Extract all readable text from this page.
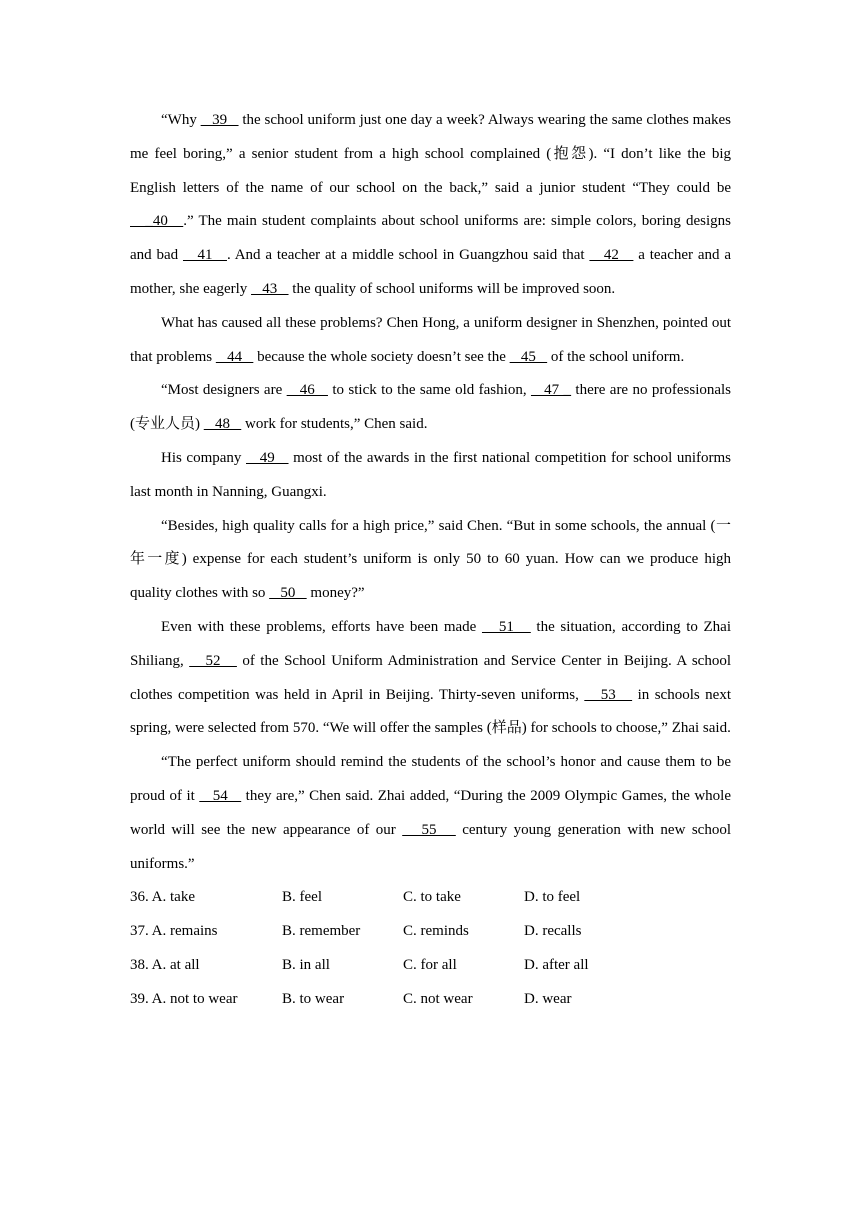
“Why    39    the school uniform just one day a week? Always wearing the same clothes makes me feel boring,” a senior student from a high school complained (抱怨). “I don’t like the big English letters of the name of our school on the back,” said a junior student “They could be    _40   .” The main student complaints about school uniforms are: simple colors, boring designs and bad    41   . And a teacher at a middle school in Guangzhou said that    42    a teacher and a mother, she eagerly    43    the quality of school uniforms will be improved soon.

What has caused all these problems? Chen Hong, a uniform designer in Shenzhen, pointed out that problems    44    because the whole society doesn’t see the    45    of the school uniform.

“Most designers are    46    to stick to the same old fashion,    47 _ there are no professionals (专业人员)    48    work for students,” Chen said.

His company    49    most of the awards in the first national competition for school uniforms last month in Nanning, Guangxi.

“Besides, high quality calls for a high price,” said Chen. “But in some schools, the annual (一年一度) expense for each student’s uniform is only 50 to 60 yuan. How can we produce high quality clothes with so    50    money?”

Even with these problems, efforts have been made    51    the situation, according to Zhai Shiliang,    52    of the School Uniform Administration and Service Center in Beijing. A school clothes competition was held in April in Beijing. Thirty-seven uniforms,    53    in schools next spring, were selected from 570. “We will offer the samples (样品) for schools to choose,” Zhai said.

“The perfect uniform should remind the students of the school’s honor and cause them to be proud of it    54    they are,” Chen said. Zhai added, “During the 2009 Olympic Games, the whole world will see the new appearance of our    55    century young generation with new school uniforms.”

36. A. take	B. feel	C. to take	D. to feel
37. A. remains	B. remember	C. reminds	D. recalls
38. A. at all	B. in all	C. for all	D. after all
39. A. not to wear	B. to wear	C. not wear	D. wear
